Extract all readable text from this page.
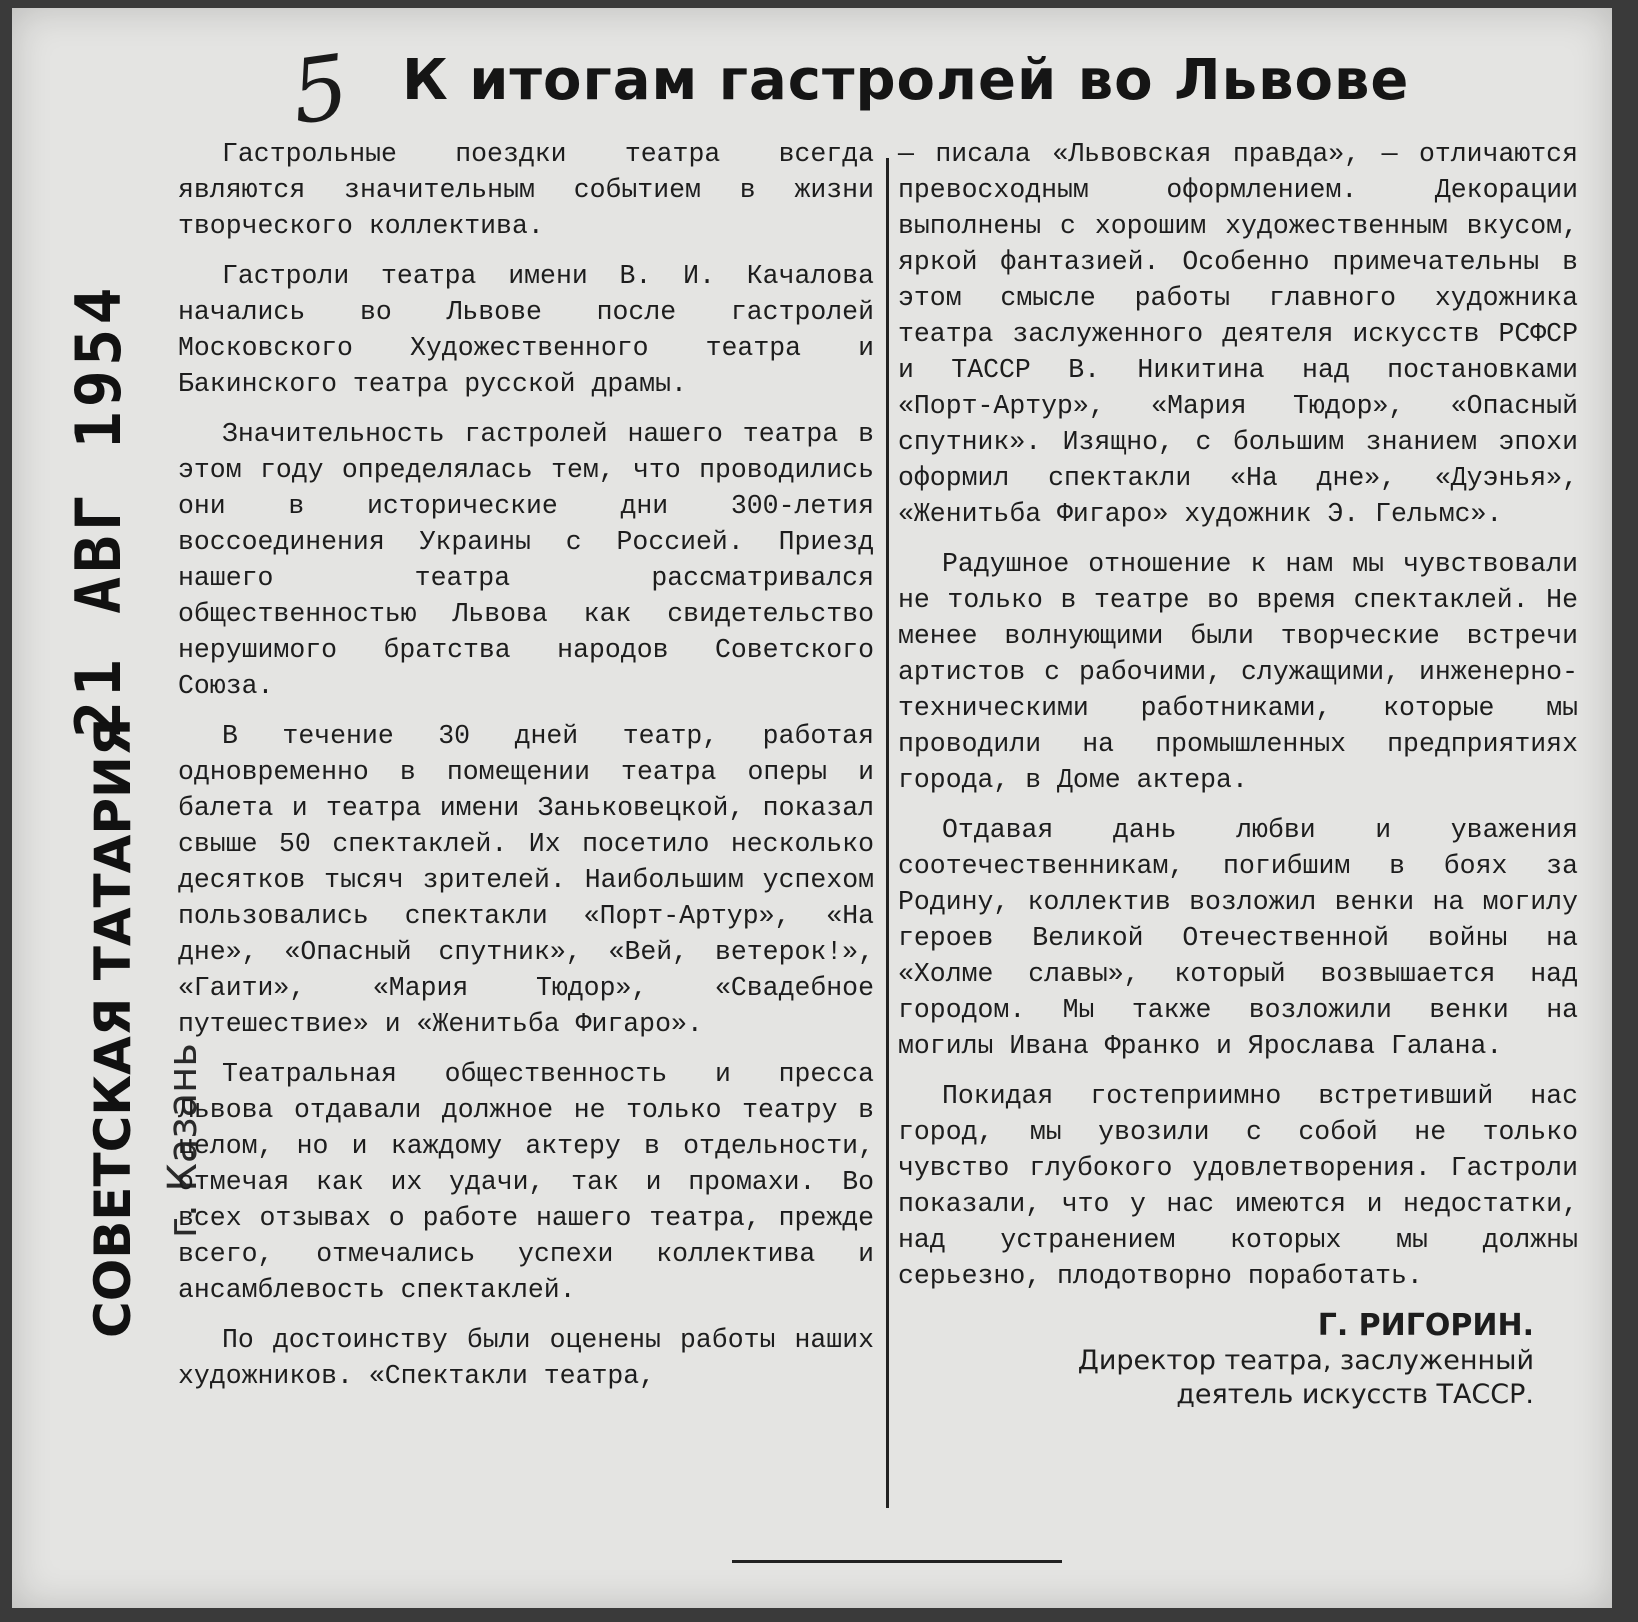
5 К итогам гастролей во Львове
21 АВГ 1954
СОВЕТСКАЯ ТАТАРИЯ г. Казань

Гастрольные поездки театра всегда являются значительным событием в жизни творческого коллектива.

Гастроли театра имени В. И. Качалова начались во Львове после гастролей Московского Художественного театра и Бакинского театра русской драмы.

Значительность гастролей нашего театра в этом году определялась тем, что проводились они в исторические дни 300-летия воссоединения Украины с Россией. Приезд нашего театра рассматривался общественностью Львова как свидетельство нерушимого братства народов Советского Союза.

В течение 30 дней театр, работая одновременно в помещении театра оперы и балета и театра имени Заньковецкой, показал свыше 50 спектаклей. Их посетило несколько десятков тысяч зрителей. Наибольшим успехом пользовались спектакли «Порт-Артур», «На дне», «Опасный спутник», «Вей, ветерок!», «Гаити», «Мария Тюдор», «Свадебное путешествие» и «Женитьба Фигаро».

Театральная общественность и пресса Львова отдавали должное не только театру в целом, но и каждому актеру в отдельности, отмечая как их удачи, так и промахи. Во всех отзывах о работе нашего театра, прежде всего, отмечались успехи коллектива и ансамблевость спектаклей.

По достоинству были оценены работы наших художников. «Спектакли театра,

— писала «Львовская правда», — отличаются превосходным оформлением. Декорации выполнены с хорошим художественным вкусом, яркой фантазией. Особенно примечательны в этом смысле работы главного художника театра заслуженного деятеля искусств РСФСР и ТАССР В. Никитина над постановками «Порт-Артур», «Мария Тюдор», «Опасный спутник». Изящно, с большим знанием эпохи оформил спектакли «На дне», «Дуэнья», «Женитьба Фигаро» художник Э. Гельмс».

Радушное отношение к нам мы чувствовали не только в театре во время спектаклей. Не менее волнующими были творческие встречи артистов с рабочими, служащими, инженерно-техническими работниками, которые мы проводили на промышленных предприятиях города, в Доме актера.

Отдавая дань любви и уважения соотечественникам, погибшим в боях за Родину, коллектив возложил венки на могилу героев Великой Отечественной войны на «Холме славы», который возвышается над городом. Мы также возложили венки на могилы Ивана Франко и Ярослава Галана.

Покидая гостеприимно встретивший нас город, мы увозили с собой не только чувство глубокого удовлетворения. Гастроли показали, что у нас имеются и недостатки, над устранением которых мы должны серьезно, плодотворно поработать.

Г. РИГОРИН.
Директор театра, заслуженный
деятель искусств ТАССР.
